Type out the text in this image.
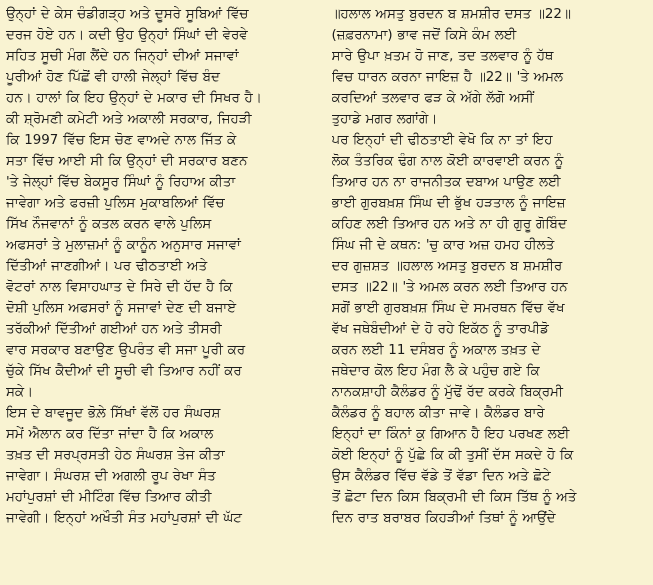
ਉਨ੍ਹਾਂ ਦੇ ਕੇਸ ਚੰਡੀਗੜ੍ਹ ਅਤੇ ਦੂਸਰੇ ਸੂਬਿਆਂ ਵਿੱਚ
ਦਰਜ ਹੋਏ ਹਨ। ਕਦੀ ਉਹ ਉਨ੍ਹਾਂ ਸਿੰਘਾਂ ਦੀ ਵੇਰਵੇ
ਸਹਿਤ ਸੂਚੀ ਮੰਗ ਲੈਂਦੇ ਹਨ ਜਿਨ੍ਹਾਂ ਦੀਆਂ ਸਜਾਵਾਂ
ਪੂਰੀਆਂ ਹੋਣ ਪਿੱਛੋਂ ਵੀ ਹਾਲੀ ਜੇਲ੍ਹਾਂ ਵਿੱਚ ਬੰਦ
ਹਨ। ਹਾਲਾਂ ਕਿ ਇਹ ਉਨ੍ਹਾਂ ਦੇ ਮਕਾਰ ਦੀ ਸਿਖਰ ਹੈ।

ਕੀ ਸ਼੍ਰੋਮਣੀ ਕਮੇਟੀ ਅਤੇ ਅਕਾਲੀ ਸਰਕਾਰ, ਜਿਹੜੀ
ਕਿ 1997 ਵਿੱਚ ਇਸ ਚੋਣ ਵਾਅਦੇ ਨਾਲ ਜਿੱਤ ਕੇ
ਸਤਾ ਵਿੱਚ ਆਈ ਸੀ ਕਿ ਉਨ੍ਹਾਂ ਦੀ ਸਰਕਾਰ ਬਣਨ
'ਤੇ ਜੇਲ੍ਹਾਂ ਵਿੱਚ ਬੇਕਸੂਰ ਸਿੰਘਾਂ ਨੂੰ ਰਿਹਾਅ ਕੀਤਾ
ਜਾਵੇਗਾ ਅਤੇ ਫਰਜ਼ੀ ਪੁਲਿਸ ਮੁਕਾਬਲਿਆਂ ਵਿੱਚ
ਸਿੱਖ ਨੌਜਵਾਨਾਂ ਨੂੰ ਕਤਲ ਕਰਨ ਵਾਲੇ ਪੁਲਿਸ
ਅਫਸਰਾਂ ਤੇ ਮੁਲਾਜ਼ਮਾਂ ਨੂੰ ਕਾਨੂੰਨ ਅਨੁਸਾਰ ਸਜਾਵਾਂ
ਦਿੱਤੀਆਂ ਜਾਣਗੀਆਂ। ਪਰ ਢੀਠਤਾਈ ਅਤੇ
ਵੋਟਰਾਂ ਨਾਲ ਵਿਸਾਹਘਾਤ ਦੇ ਸਿਰੇ ਦੀ ਹੱਦ ਹੈ ਕਿ
ਦੋਸ਼ੀ ਪੁਲਿਸ ਅਫਸਰਾਂ ਨੂੰ ਸਜਾਵਾਂ ਦੇਣ ਦੀ ਬਜਾਏ
ਤਰੱਕੀਆਂ ਦਿੱਤੀਆਂ ਗਈਆਂ ਹਨ ਅਤੇ ਤੀਸਰੀ
ਵਾਰ ਸਰਕਾਰ ਬਣਾਉਣ ਉਪਰੰਤ ਵੀ ਸਜਾ ਪੂਰੀ ਕਰ
ਚੁੱਕੇ ਸਿੱਖ ਕੈਦੀਆਂ ਦੀ ਸੂਚੀ ਵੀ ਤਿਆਰ ਨਹੀਂ ਕਰ
ਸਕੇ।

ਇਸ ਦੇ ਬਾਵਜੂਦ ਭੋਲ਼ੇ ਸਿੱਖਾਂ ਵੱਲੋਂ ਹਰ ਸੰਘਰਸ਼
ਸਮੇਂ ਐਲਾਨ ਕਰ ਦਿੱਤਾ ਜਾਂਦਾ ਹੈ ਕਿ ਅਕਾਲ
ਤਖ਼ਤ ਦੀ ਸਰਪ੍ਰਸਤੀ ਹੇਠ ਸੰਘਰਸ਼ ਤੇਜ ਕੀਤਾ
ਜਾਵੇਗਾ। ਸੰਘਰਸ਼ ਦੀ ਅਗਲੀ ਰੂਪ ਰੇਖਾ ਸੰਤ
ਮਹਾਂਪੁਰਸ਼ਾਂ ਦੀ ਮੀਟਿੰਗ ਵਿੱਚ ਤਿਆਰ ਕੀਤੀ
ਜਾਵੇਗੀ। ਇਨ੍ਹਾਂ ਅਖੌਤੀ ਸੰਤ ਮਹਾਂਪੁਰਸ਼ਾਂ ਦੀ ਘੱਟ

॥ਹਲਾਲ ਅਸਤੁ ਬੁਰਦਨ ਬ ਸ਼ਮਸ਼ੀਰ ਦਸਤ ॥22॥
(ਜ਼ਫ਼ਰਨਾਮਾ) ਭਾਵ ਜਦੋਂ ਕਿਸੇ ਕੰਮ ਲਈ
ਸਾਰੇ ਉਪਾ ਖ਼ਤਮ ਹੋ ਜਾਣ, ਤਦ ਤਲਵਾਰ ਨੂੰ ਹੱਥ
ਵਿਚ ਧਾਰਨ ਕਰਨਾ ਜਾਇਜ਼ ਹੈ ॥22॥ 'ਤੇ ਅਮਲ
ਕਰਦਿਆਂ ਤਲਵਾਰ ਫੜ ਕੇ ਅੱਗੇ ਲੱਗੋ ਅਸੀਂ
ਤੁਹਾਡੇ ਮਗਰ ਲਗਾਂਗੇ।

ਪਰ ਇਨ੍ਹਾਂ ਦੀ ਢੀਠਤਾਈ ਵੇਖੋ ਕਿ ਨਾ ਤਾਂ ਇਹ
ਲੋਕ ਤੰਤਰਿਕ ਢੰਗ ਨਾਲ ਕੋਈ ਕਾਰਵਾਈ ਕਰਨ ਨੂੰ
ਤਿਆਰ ਹਨ ਨਾ ਰਾਜਨੀਤਕ ਦਬਾਅ ਪਾਉਣ ਲਈ
ਭਾਈ ਗੁਰਬਖ਼ਸ਼ ਸਿੰਘ ਦੀ ਭੁੱਖ ਹੜਤਾਲ ਨੂੰ ਜਾਇਜ਼
ਕਹਿਣ ਲਈ ਤਿਆਰ ਹਨ ਅਤੇ ਨਾ ਹੀ ਗੁਰੂ ਗੋਬਿੰਦ
ਸਿੰਘ ਜੀ ਦੇ ਕਥਨ: 'ਚੁ ਕਾਰ ਅਜ਼ ਹਮਹ ਹੀਲਤੇ
ਦਰ ਗੁਜ਼ਸ਼ਤ ॥ਹਲਾਲ ਅਸਤੁ ਬੁਰਦਨ ਬ ਸ਼ਮਸ਼ੀਰ
ਦਸਤ ॥22॥ 'ਤੇ ਅਮਲ ਕਰਨ ਲਈ ਤਿਆਰ ਹਨ
ਸਗੋਂ ਭਾਈ ਗੁਰਬਖ਼ਸ਼ ਸਿੰਘ ਦੇ ਸਮਰਥਨ ਵਿੱਚ ਵੱਖ
ਵੱਖ ਜਥੇਬੰਦੀਆਂ ਦੇ ਹੋ ਰਹੇ ਇਕੱਠ ਨੂੰ ਤਾਰਪੀਡੋ
ਕਰਨ ਲਈ 11 ਦਸੰਬਰ ਨੂੰ ਅਕਾਲ ਤਖ਼ਤ ਦੇ
ਜਥੇਦਾਰ ਕੋਲ ਇਹ ਮੰਗ ਲੈ ਕੇ ਪਹੁੰਚ ਗਏ ਕਿ
ਨਾਨਕਸ਼ਾਹੀ ਕੈਲੰਡਰ ਨੂੰ ਮੁੱਢੋਂ ਰੱਦ ਕਰਕੇ ਬਿਕ੍ਰਮੀ
ਕੈਲੰਡਰ ਨੂੰ ਬਹਾਲ ਕੀਤਾ ਜਾਵੇ। ਕੈਲੰਡਰ ਬਾਰੇ
ਇਨ੍ਹਾਂ ਦਾ ਕਿੰਨਾਂ ਕੁ ਗਿਆਨ ਹੈ ਇਹ ਪਰਖਣ ਲਈ
ਕੋਈ ਇਨ੍ਹਾਂ ਨੂੰ ਪੁੱਛੇ ਕਿ ਕੀ ਤੁਸੀਂ ਦੱਸ ਸਕਦੇ ਹੋ ਕਿ
ਉਸ ਕੈਲੰਡਰ ਵਿੱਚ ਵੱਡੇ ਤੋਂ ਵੱਡਾ ਦਿਨ ਅਤੇ ਛੋਟੇ
ਤੋਂ ਛੋਟਾ ਦਿਨ ਕਿਸ ਬਿਕ੍ਰਮੀ ਦੀ ਕਿਸ ਤਿੱਥ ਨੂੰ ਅਤੇ
ਦਿਨ ਰਾਤ ਬਰਾਬਰ ਕਿਹੜੀਆਂ ਤਿਥਾਂ ਨੂੰ ਆਉਂਦੇ
